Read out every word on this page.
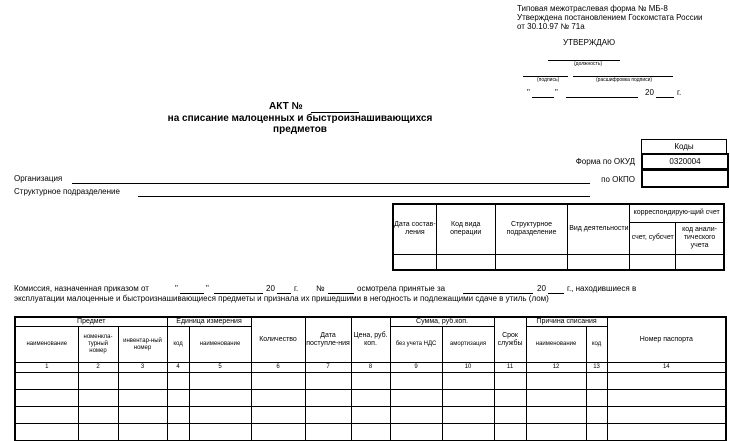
Типовая межотраслевая форма № МБ-8
Утверждена постановлением Госкомстата России
от 30.10.97 № 71а
УТВЕРЖДАЮ
(должность)
(подпись)	(расшифровка подписи)
"	"	20	г.
АКТ №
на списание малоценных и быстроизнашивающихся
предметов
Коды
Форма по ОКУД	0320004
по ОКПО
Организация
Структурное подразделение
Дата состав-ления	Код вида операции	Структурное подразделение	Вид деятельности	корреспондирую-щий счет	
				счет, субсчет	код анали-тического учета

Комиссия, назначенная приказом от	"	"	20 г. №	осмотрела принятые за	20	г., находившиеся в
эксплуатации малоценные и быстроизнашивающиеся предметы и признала их пришедшими в негодность и подлежащими сдаче в утиль (лом)
Предмет			Единица измерения		Количество	Дата поступле-ния	Цена, руб. коп.	Сумма, руб.коп.		Срок службы	Причина списания		Номер паспорта
наименование	номенкла-турный номер	инвентар-ный номер	код	наименование				без учета НДС	амортизация		наименование	код	
1	2	3	4	5	6	7	8	9	10	11	12	13	14
